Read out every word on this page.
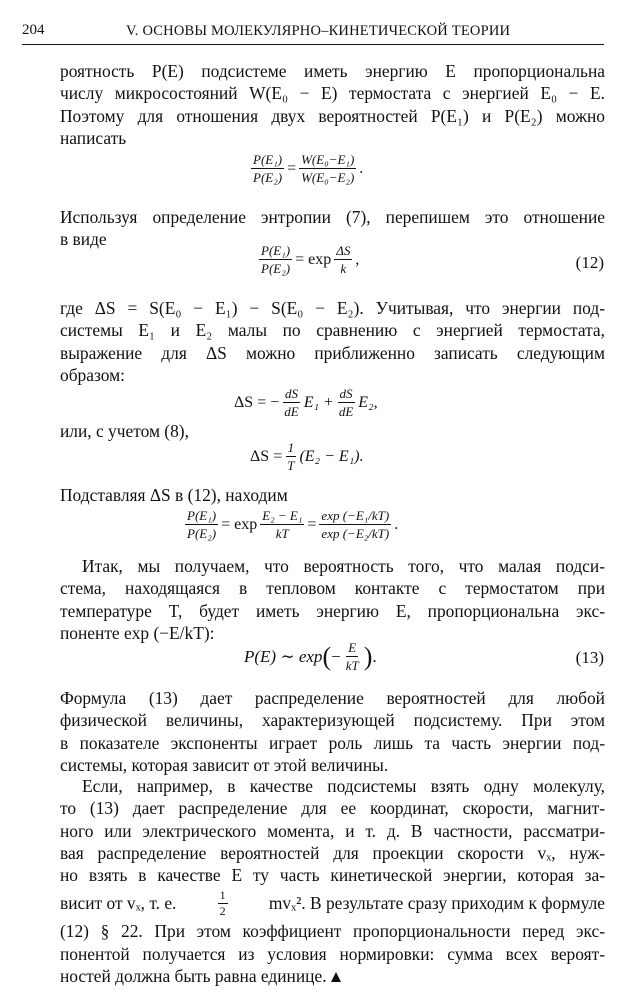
204	V. ОСНОВЫ МОЛЕКУЛЯРНО–КИНЕТИЧЕСКОЙ ТЕОРИИ
роятность P(E) подсистеме иметь энергию E пропорциональна
числу микросостояний W(E₀ − E) термостата с энергией E₀ − E.
Поэтому для отношения двух вероятностей P(E₁) и P(E₂) можно
написать
$\frac{\text{P(E₁)}}{\text{P(E₂)}} = \frac{\text{W(E₀−E₁)}}{\text{W(E₀−E₂)}}$ .
Используя определение энтропии (7), перепишем это отношение
в виде
$\frac{\text{P(E₁)}}{\text{P(E₂)}} = \exp \frac{\Delta S}{k}$ ,	(12)
где ΔS = S(E₀ − E₁) − S(E₀ − E₂). Учитывая, что энергии под-
системы E₁ и E₂ малы по сравнению с энергией термостата,
выражение для ΔS можно приближенно записать следующим
образом:
ΔS = − $\frac{dS}{dE} E_1 + \frac{dS}{dE} E_2$,
или, с учетом (8),
$\Delta S = \frac{1}{T} (E_2 - E_1)$.
Подставляя ΔS в (12), находим
$\frac{\text{P(E₁)}}{\text{P(E₂)}} = \exp \frac{\text{E₂ − E₁}}{kT} = \frac{\text{exp (−E₁/kT)}}{\text{exp (−E₂/kT)}}$ .
Итак, мы получаем, что вероятность того, что малая подси-
стема, находящаяся в тепловом контакте с термостатом при
температуре T, будет иметь энергию E, пропорциональна экс-
поненте exp (−E/kT):
P(E) ∼ exp ( − $\frac{E}{kT}$ ) .	(13)
Формула (13) дает распределение вероятностей для любой
физической величины, характеризующей подсистему. При этом
в показателе экспоненты играет роль лишь та часть энергии под-
системы, которая зависит от этой величины.
Если, например, в качестве подсистемы взять одну молекулу,
то (13) дает распределение для ее координат, скорости, магнит-
ного или электрического момента, и т. д. В частности, рассматри-
вая распределение вероятностей для проекции скорости vₓ, нуж-
но взять в качестве E ту часть кинетической энергии, которая за-
висит от vₓ, т. е.	$\frac{1}{2} mv_x^2$. В результате сразу приходим к формуле
(12) § 22. При этом коэффициент пропорциональности перед экс-
понентой получается из условия нормировки: сумма всех вероят-
ностей должна быть равна единице.
